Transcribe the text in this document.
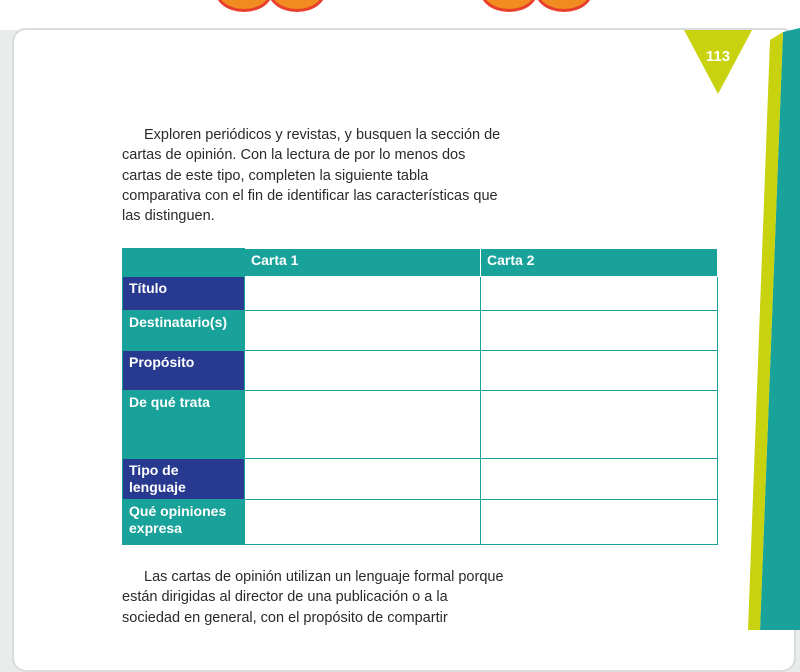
113

Exploren periódicos y revistas, y busquen la sección de cartas de opinión. Con la lectura de por lo menos dos cartas de este tipo, completen la siguiente tabla comparativa con el fin de identificar las características que las distinguen.

	Carta 1	Carta 2
Título		
Destinatario(s)		
Propósito		
De qué trata		
Tipo de lenguaje		
Qué opiniones expresa		

Las cartas de opinión utilizan un lenguaje formal porque están dirigidas al director de una publicación o a la sociedad en general, con el propósito de compartir
